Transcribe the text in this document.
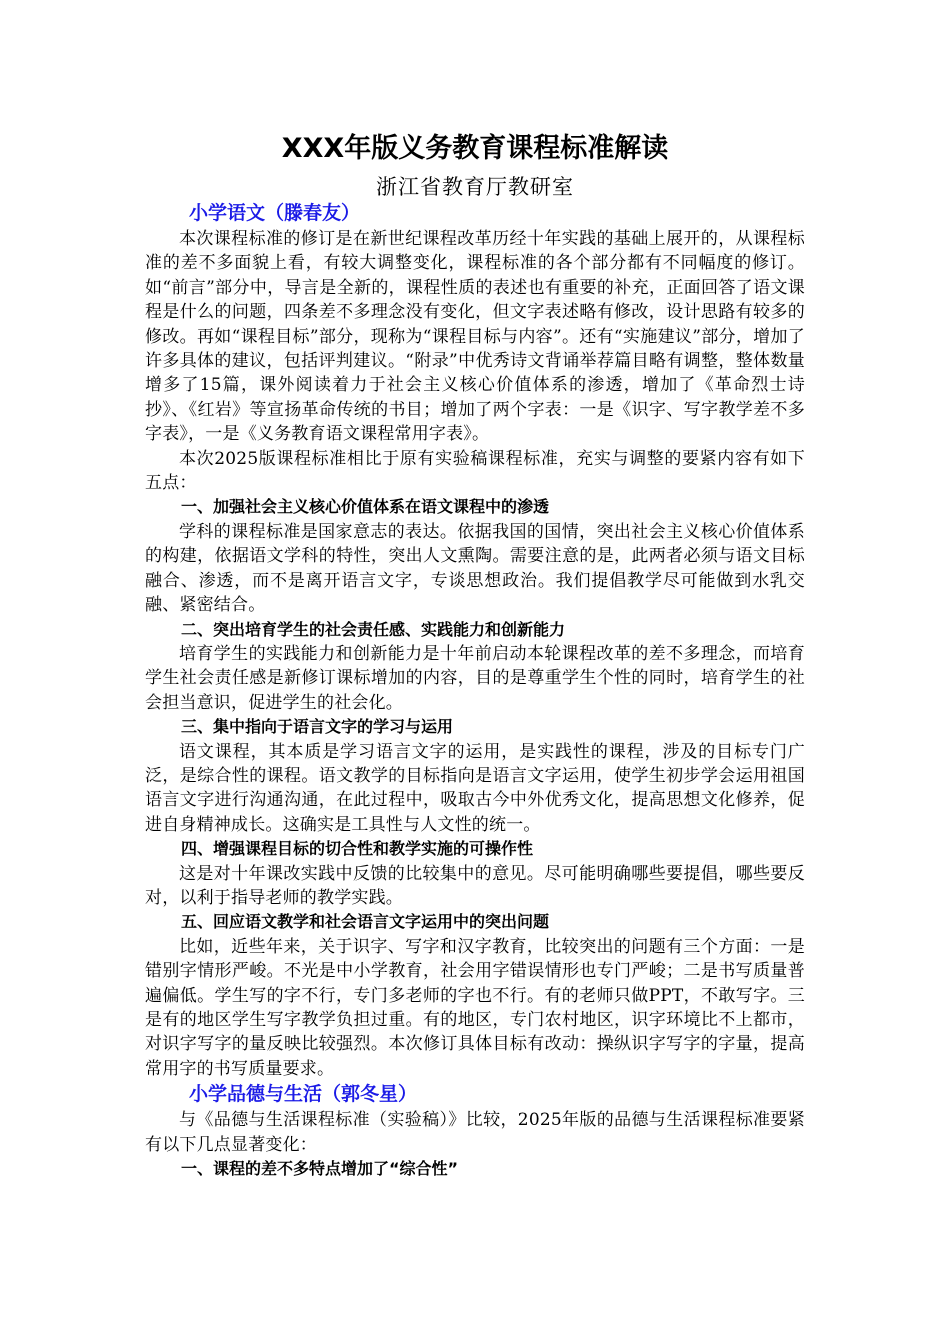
XXX年版义务教育课程标准解读
浙江省教育厅教研室
小学语文（滕春友）

本次课程标准的修订是在新世纪课程改革历经十年实践的基础上展开的，从课程标准的差不多面貌上看，有较大调整变化，课程标准的各个部分都有不同幅度的修订。如“前言”部分中，导言是全新的，课程性质的表述也有重要的补充，正面回答了语文课程是什么的问题，四条差不多理念没有变化，但文字表述略有修改，设计思路有较多的修改。再如“课程目标”部分，现称为“课程目标与内容”。还有“实施建议”部分，增加了许多具体的建议，包括评判建议。“附录”中优秀诗文背诵举荐篇目略有调整，整体数量增多了15篇，课外阅读着力于社会主义核心价值体系的渗透，增加了《革命烈士诗抄》、《红岩》等宣扬革命传统的书目；增加了两个字表：一是《识字、写字教学差不多字表》，一是《义务教育语文课程常用字表》。

本次2025版课程标准相比于原有实验稿课程标准，充实与调整的要紧内容有如下五点：

一、加强社会主义核心价值体系在语文课程中的渗透

学科的课程标准是国家意志的表达。依据我国的国情，突出社会主义核心价值体系的构建，依据语文学科的特性，突出人文熏陶。需要注意的是，此两者必须与语文目标融合、渗透，而不是离开语言文字，专谈思想政治。我们提倡教学尽可能做到水乳交融、紧密结合。

二、突出培育学生的社会责任感、实践能力和创新能力

培育学生的实践能力和创新能力是十年前启动本轮课程改革的差不多理念，而培育学生社会责任感是新修订课标增加的内容，目的是尊重学生个性的同时，培育学生的社会担当意识，促进学生的社会化。

三、集中指向于语言文字的学习与运用

语文课程，其本质是学习语言文字的运用，是实践性的课程，涉及的目标专门广泛，是综合性的课程。语文教学的目标指向是语言文字运用，使学生初步学会运用祖国语言文字进行沟通沟通，在此过程中，吸取古今中外优秀文化，提高思想文化修养，促进自身精神成长。这确实是工具性与人文性的统一。

四、增强课程目标的切合性和教学实施的可操作性

这是对十年课改实践中反馈的比较集中的意见。尽可能明确哪些要提倡，哪些要反对，以利于指导老师的教学实践。

五、回应语文教学和社会语言文字运用中的突出问题

比如，近些年来，关于识字、写字和汉字教育，比较突出的问题有三个方面：一是错别字情形严峻。不光是中小学教育，社会用字错误情形也专门严峻；二是书写质量普遍偏低。学生写的字不行，专门多老师的字也不行。有的老师只做PPT，不敢写字。三是有的地区学生写字教学负担过重。有的地区，专门农村地区，识字环境比不上都市，对识字写字的量反映比较强烈。本次修订具体目标有改动：操纵识字写字的字量，提高常用字的书写质量要求。

小学品德与生活（郭冬星）

与《品德与生活课程标准（实验稿）》比较，2025年版的品德与生活课程标准要紧有以下几点显著变化：

一、课程的差不多特点增加了“综合性”
